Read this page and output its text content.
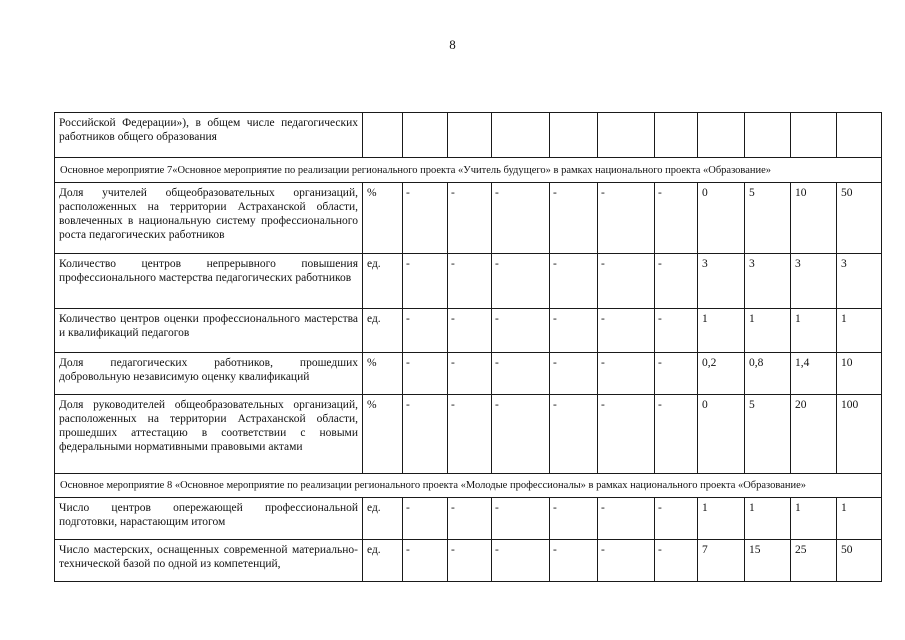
8
Российской Федерации»), в общем числе педагогических работников общего образования											
Основное мероприятие 7«Основное мероприятие по реализации регионального проекта «Учитель будущего» в рамках национального проекта «Образование»											
Доля учителей общеобразовательных организаций, расположенных на территории Астраханской области, вовлеченных в национальную систему профессионального роста педагогических работников	%	-	-	-	-	-	-	0	5	10	50
Количество центров непрерывного повышения профессионального мастерства педагогических работников	ед.	-	-	-	-	-	-	3	3	3	3
Количество центров оценки профессионального мастерства и квалификаций педагогов	ед.	-	-	-	-	-	-	1	1	1	1
Доля педагогических работников, прошедших добровольную независимую оценку квалификаций	%	-	-	-	-	-	-	0,2	0,8	1,4	10
Доля руководителей общеобразовательных организаций, расположенных на территории Астраханской области, прошедших аттестацию в соответствии с новыми федеральными нормативными правовыми актами	%	-	-	-	-	-	-	0	5	20	100
Основное мероприятие 8 «Основное мероприятие по реализации регионального проекта «Молодые профессионалы» в рамках национального проекта «Образование»											
Число центров опережающей профессиональной подготовки, нарастающим итогом	ед.	-	-	-	-	-	-	1	1	1	1
Число мастерских, оснащенных современной материально-технической базой по одной из компетенций,	ед.	-	-	-	-	-	-	7	15	25	50
